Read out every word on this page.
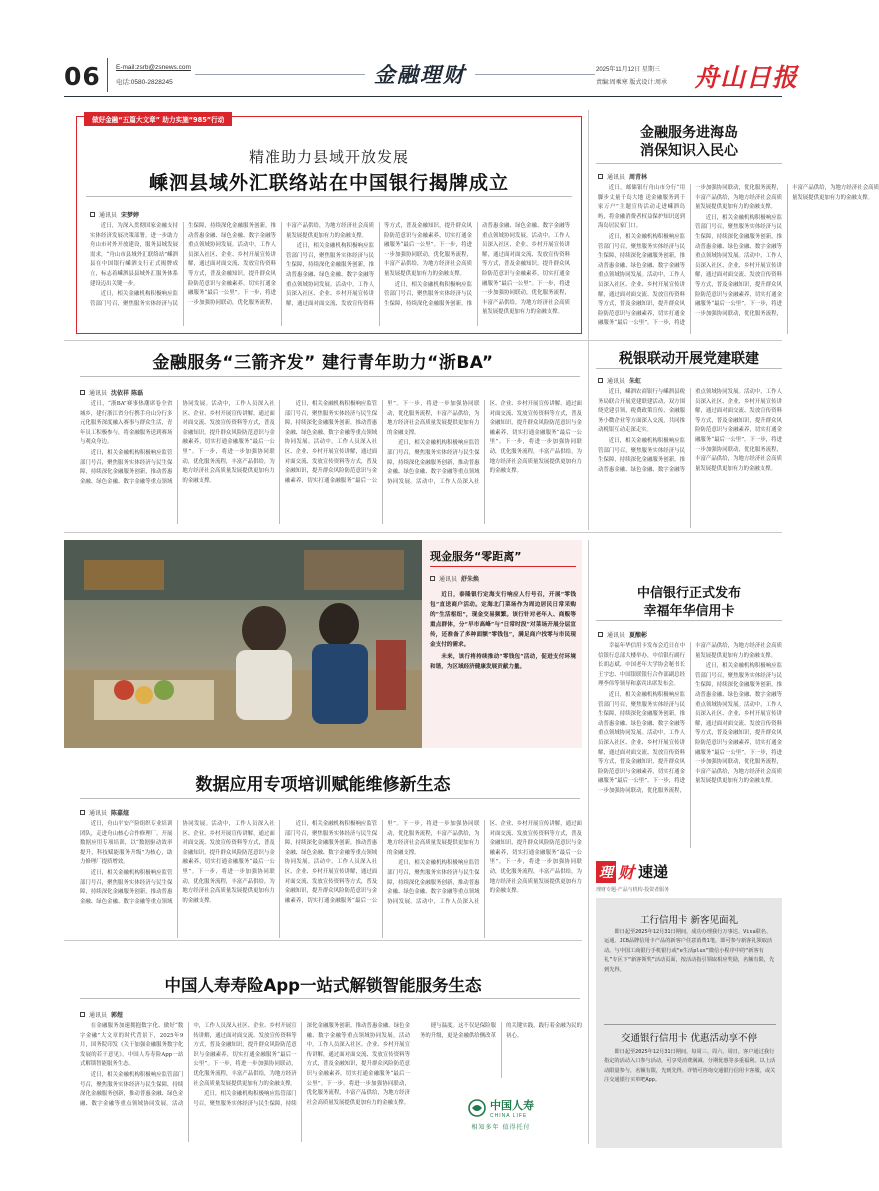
06 E-mail:zsrb@zsnews.com
电话:0580-2828245	金融理财	2025年11月12日 星期三
责编:周乘寒 版式设计:周承 舟山日报
做好金融“五篇大文章” 助力实施“985”行动
精准助力县域开放发展
嵊泗县域外汇联络站在中国银行揭牌成立
通讯员 宋梦婷

近日，为深入贯彻国家金融支持实体经济发展决策部署，进一步助力舟山市对外开放建设，服务县域发展需求，“舟山市县域外汇联络站”嵊泗县在中国银行嵊泗支行正式揭牌成立，标志着嵊泗县县域外汇服务体系建设迈出关键一步。

近日，相关金融机构积极响应监管部门号召，聚焦服务实体经济与民生保障，持续深化金融服务创新，推动普惠金融、绿色金融、数字金融等重点领域协同发展。活动中，工作人员深入社区、企业、乡村开展宣传讲解，通过面对面交流、发放宣传资料等方式，普及金融知识，提升群众风险防范意识与金融素养，切实打通金融服务“最后一公里”。下一步，将进一步加强协同联动，优化服务流程，丰富产品供给，为地方经济社会高质量发展提供更加有力的金融支撑。

近日，相关金融机构积极响应监管部门号召，聚焦服务实体经济与民生保障，持续深化金融服务创新，推动普惠金融、绿色金融、数字金融等重点领域协同发展。活动中，工作人员深入社区、企业、乡村开展宣传讲解，通过面对面交流、发放宣传资料等方式，普及金融知识，提升群众风险防范意识与金融素养，切实打通金融服务“最后一公里”。下一步，将进一步加强协同联动，优化服务流程，丰富产品供给，为地方经济社会高质量发展提供更加有力的金融支撑。

近日，相关金融机构积极响应监管部门号召，聚焦服务实体经济与民生保障，持续深化金融服务创新，推动普惠金融、绿色金融、数字金融等重点领域协同发展。活动中，工作人员深入社区、企业、乡村开展宣传讲解，通过面对面交流、发放宣传资料等方式，普及金融知识，提升群众风险防范意识与金融素养，切实打通金融服务“最后一公里”。下一步，将进一步加强协同联动，优化服务流程，丰富产品供给，为地方经济社会高质量发展提供更加有力的金融支撑。

金融服务进海岛
消保知识入民心
通讯员 周青林

近日，邮储银行舟山市分行“用脚步丈量千岛大地 送金融服务到千家万户”主题宣传活动走进嵊泗岛屿，将金融消费者权益保护知识送到海岛居民家门口。

近日，相关金融机构积极响应监管部门号召，聚焦服务实体经济与民生保障，持续深化金融服务创新，推动普惠金融、绿色金融、数字金融等重点领域协同发展。活动中，工作人员深入社区、企业、乡村开展宣传讲解，通过面对面交流、发放宣传资料等方式，普及金融知识，提升群众风险防范意识与金融素养，切实打通金融服务“最后一公里”。下一步，将进一步加强协同联动，优化服务流程，丰富产品供给，为地方经济社会高质量发展提供更加有力的金融支撑。

近日，相关金融机构积极响应监管部门号召，聚焦服务实体经济与民生保障，持续深化金融服务创新，推动普惠金融、绿色金融、数字金融等重点领域协同发展。活动中，工作人员深入社区、企业、乡村开展宣传讲解，通过面对面交流、发放宣传资料等方式，普及金融知识，提升群众风险防范意识与金融素养，切实打通金融服务“最后一公里”。下一步，将进一步加强协同联动，优化服务流程，丰富产品供给，为地方经济社会高质量发展提供更加有力的金融支撑。

金融服务“三箭齐发” 建行青年助力“浙BA”
通讯员 沈依祥 陈磊

近日，“浙BA”赛事热潮席卷全省城乡，建行浙江省分行携手舟山分行多元化服务深度融入赛事与群众生活，青年员工积极参与，将金融服务送到赛场与观众身边。

近日，相关金融机构积极响应监管部门号召，聚焦服务实体经济与民生保障，持续深化金融服务创新，推动普惠金融、绿色金融、数字金融等重点领域协同发展。活动中，工作人员深入社区、企业、乡村开展宣传讲解，通过面对面交流、发放宣传资料等方式，普及金融知识，提升群众风险防范意识与金融素养，切实打通金融服务“最后一公里”。下一步，将进一步加强协同联动，优化服务流程，丰富产品供给，为地方经济社会高质量发展提供更加有力的金融支撑。

近日，相关金融机构积极响应监管部门号召，聚焦服务实体经济与民生保障，持续深化金融服务创新，推动普惠金融、绿色金融、数字金融等重点领域协同发展。活动中，工作人员深入社区、企业、乡村开展宣传讲解，通过面对面交流、发放宣传资料等方式，普及金融知识，提升群众风险防范意识与金融素养，切实打通金融服务“最后一公里”。下一步，将进一步加强协同联动，优化服务流程，丰富产品供给，为地方经济社会高质量发展提供更加有力的金融支撑。

近日，相关金融机构积极响应监管部门号召，聚焦服务实体经济与民生保障，持续深化金融服务创新，推动普惠金融、绿色金融、数字金融等重点领域协同发展。活动中，工作人员深入社区、企业、乡村开展宣传讲解，通过面对面交流、发放宣传资料等方式，普及金融知识，提升群众风险防范意识与金融素养，切实打通金融服务“最后一公里”。下一步，将进一步加强协同联动，优化服务流程，丰富产品供给，为地方经济社会高质量发展提供更加有力的金融支撑。

税银联动开展党建联建
通讯员 朱虹

近日，嵊泗农商银行与嵊泗县税务局联合开展党建联建活动，双方围绕党建引领、税费政策宣传、金融服务小微企业等方面深入交流，共同推动税银互动走深走实。

近日，相关金融机构积极响应监管部门号召，聚焦服务实体经济与民生保障，持续深化金融服务创新，推动普惠金融、绿色金融、数字金融等重点领域协同发展。活动中，工作人员深入社区、企业、乡村开展宣传讲解，通过面对面交流、发放宣传资料等方式，普及金融知识，提升群众风险防范意识与金融素养，切实打通金融服务“最后一公里”。下一步，将进一步加强协同联动，优化服务流程，丰富产品供给，为地方经济社会高质量发展提供更加有力的金融支撑。

现金服务“零距离”
通讯员 舒朱焕

近日，泰隆银行定海支行响应人行号召，开展“零钱包”直送商户活动。定海北门菜场作为周边居民日常采购的“生活枢纽”，现金交易频繁。该行针对老年人、商贩等重点群体，分“早市高峰”与“日常时段”对菜场开展分层宣传，还准备了多种面额“零钱包”，满足商户找零与市民现金支付的需求。

未来，该行将持续推动“零钱包”活动，促进支付环境和谐，为区域经济健康发展贡献力量。

中信银行正式发布
幸福年华信用卡
通讯员 夏酿彬

幸福年华信用卡发布会近日在中信银行总部大楼举办，中信银行副行长胡志斌、中国老年大学协会秘书长王宇忠、中国银联银行合作部副总经理李伟等领导和嘉宾出席发布会。

近日，相关金融机构积极响应监管部门号召，聚焦服务实体经济与民生保障，持续深化金融服务创新，推动普惠金融、绿色金融、数字金融等重点领域协同发展。活动中，工作人员深入社区、企业、乡村开展宣传讲解，通过面对面交流、发放宣传资料等方式，普及金融知识，提升群众风险防范意识与金融素养，切实打通金融服务“最后一公里”。下一步，将进一步加强协同联动，优化服务流程，丰富产品供给，为地方经济社会高质量发展提供更加有力的金融支撑。

近日，相关金融机构积极响应监管部门号召，聚焦服务实体经济与民生保障，持续深化金融服务创新，推动普惠金融、绿色金融、数字金融等重点领域协同发展。活动中，工作人员深入社区、企业、乡村开展宣传讲解，通过面对面交流、发放宣传资料等方式，普及金融知识，提升群众风险防范意识与金融素养，切实打通金融服务“最后一公里”。下一步，将进一步加强协同联动，优化服务流程，丰富产品供给，为地方经济社会高质量发展提供更加有力的金融支撑。

数据应用专项培训赋能维修新生态
通讯员 陈嘉煊

近日，舟山平安产险组织专业培训团队，走进舟山核心合作修理厂，开展数据应用专项培训，以“数据驱动效率提升，科技赋能服务升级”为核心，助力修理厂提质增效。

近日，相关金融机构积极响应监管部门号召，聚焦服务实体经济与民生保障，持续深化金融服务创新，推动普惠金融、绿色金融、数字金融等重点领域协同发展。活动中，工作人员深入社区、企业、乡村开展宣传讲解，通过面对面交流、发放宣传资料等方式，普及金融知识，提升群众风险防范意识与金融素养，切实打通金融服务“最后一公里”。下一步，将进一步加强协同联动，优化服务流程，丰富产品供给，为地方经济社会高质量发展提供更加有力的金融支撑。

近日，相关金融机构积极响应监管部门号召，聚焦服务实体经济与民生保障，持续深化金融服务创新，推动普惠金融、绿色金融、数字金融等重点领域协同发展。活动中，工作人员深入社区、企业、乡村开展宣传讲解，通过面对面交流、发放宣传资料等方式，普及金融知识，提升群众风险防范意识与金融素养，切实打通金融服务“最后一公里”。下一步，将进一步加强协同联动，优化服务流程，丰富产品供给，为地方经济社会高质量发展提供更加有力的金融支撑。

近日，相关金融机构积极响应监管部门号召，聚焦服务实体经济与民生保障，持续深化金融服务创新，推动普惠金融、绿色金融、数字金融等重点领域协同发展。活动中，工作人员深入社区、企业、乡村开展宣传讲解，通过面对面交流、发放宣传资料等方式，普及金融知识，提升群众风险防范意识与金融素养，切实打通金融服务“最后一公里”。下一步，将进一步加强协同联动，优化服务流程，丰富产品供给，为地方经济社会高质量发展提供更加有力的金融支撑。

理 财 速递
理财专题·产品与机构·投资者服务
工行信用卡 新客见面礼
即日起至2025年12月31日期间，成功办理我行万事达、Visa联名、运通、JCB品牌信用卡产品的新客户任意消费1笔，即可参与新客礼领取活动。与中国工商银行手机银行或“e生活plus”微信小程序中的“新客有礼”专区下“新客领奖”活动页面，按活动指引领取相应奖励，名额有限，先到先得。
交通银行信用卡 优惠活动享不停
即日起至2025年12月31日期间，每周三、周六、周日，客户通过我行指定的活动入口参与活动，可享受消费满减、分期优惠等多重福利。以上活动限量参与，名额有限，先到先得。详情可咨询交通银行信用卡客服，或关注交通银行买单吧App。
中国人寿寿险App一站式解锁智能服务生态
通讯员 郭煜

在金融服务加速拥抱数字化、做好“数字金融”大文章的时代背景下，2025年9月，国务院印发《关于加强金融服务数字化发展的若干意见》，中国人寿寿险App一站式解锁智能服务生态。

近日，相关金融机构积极响应监管部门号召，聚焦服务实体经济与民生保障，持续深化金融服务创新，推动普惠金融、绿色金融、数字金融等重点领域协同发展。活动中，工作人员深入社区、企业、乡村开展宣传讲解，通过面对面交流、发放宣传资料等方式，普及金融知识，提升群众风险防范意识与金融素养，切实打通金融服务“最后一公里”。下一步，将进一步加强协同联动，优化服务流程，丰富产品供给，为地方经济社会高质量发展提供更加有力的金融支撑。

近日，相关金融机构积极响应监管部门号召，聚焦服务实体经济与民生保障，持续深化金融服务创新，推动普惠金融、绿色金融、数字金融等重点领域协同发展。活动中，工作人员深入社区、企业、乡村开展宣传讲解，通过面对面交流、发放宣传资料等方式，普及金融知识，提升群众风险防范意识与金融素养，切实打通金融服务“最后一公里”。下一步，将进一步加强协同联动，优化服务流程，丰富产品供给，为地方经济社会高质量发展提供更加有力的金融支撑。

捷与温度。这不仅是保险服务的升级，更是金融供给侧改革的关键实践，践行着金融为民的初心。

中国人寿
CHINA LIFE
相知多年 值得托付
